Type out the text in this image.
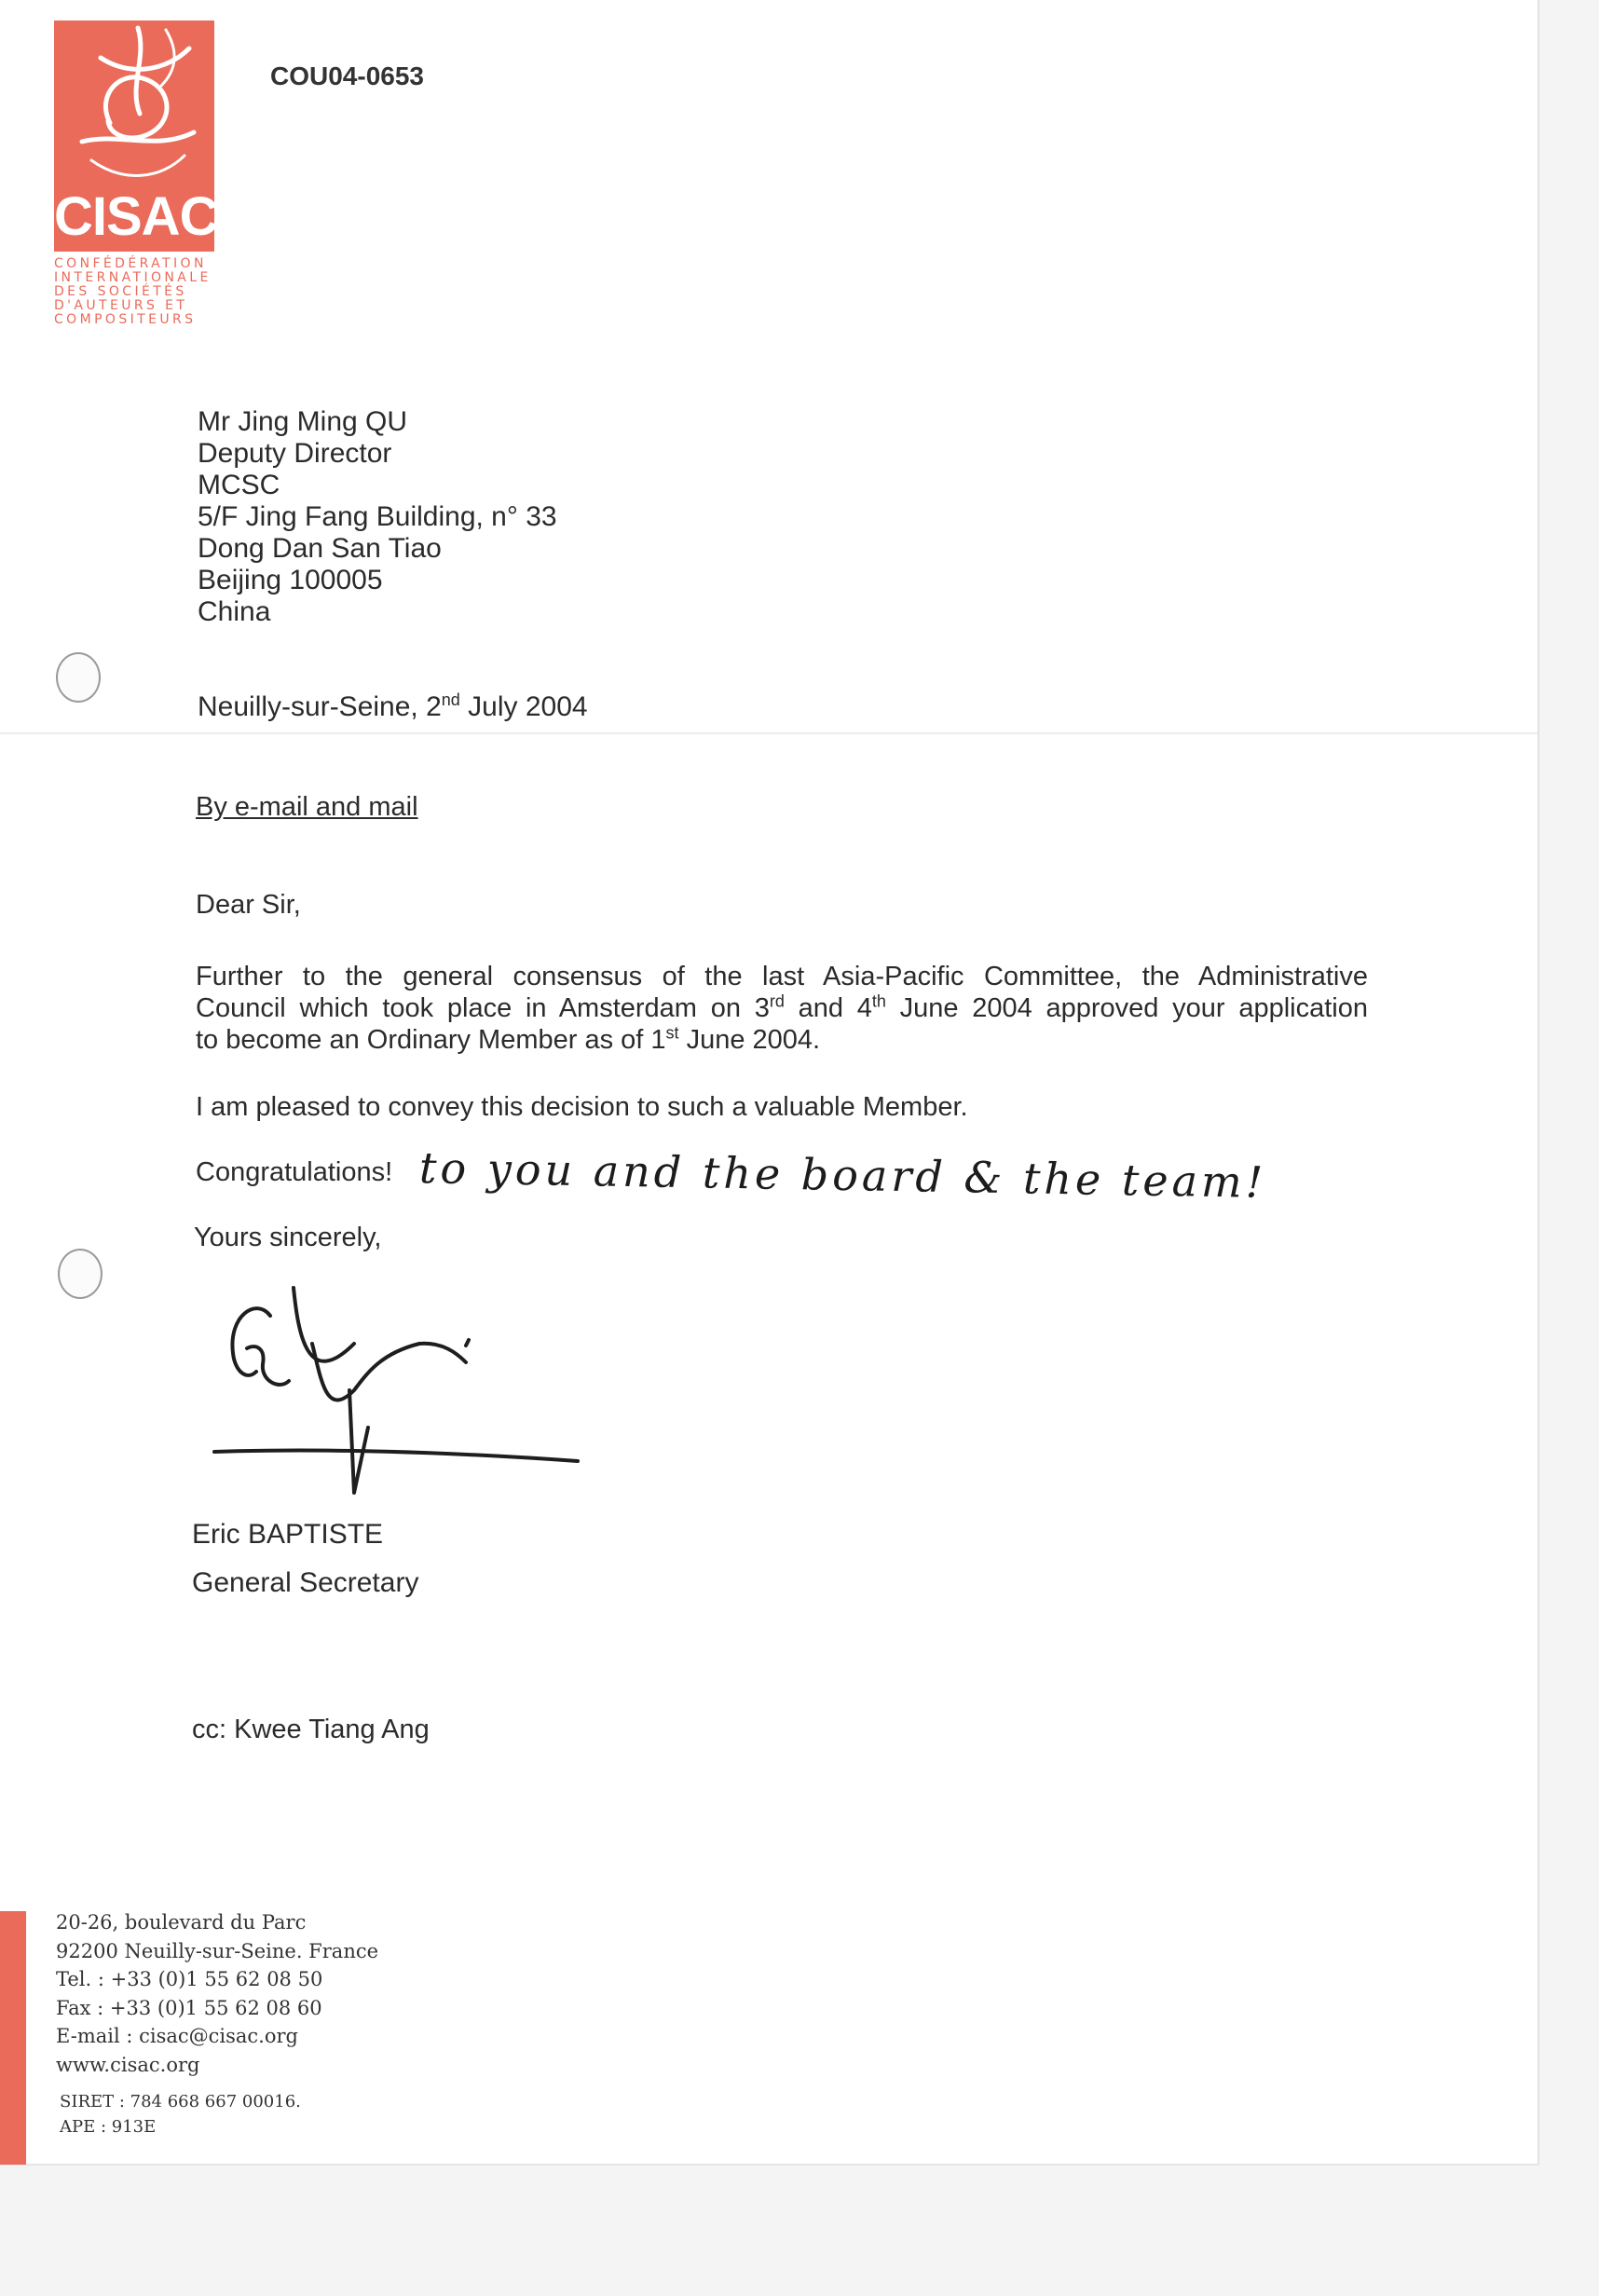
CISAC
CONFÉDÉRATION
INTERNATIONALE
DES SOCIÉTÉS
D'AUTEURS ET
COMPOSITEURS
COU04-0653
Mr Jing Ming QU
Deputy Director
MCSC
5/F Jing Fang Building, n° 33
Dong Dan San Tiao
Beijing 100005
China
Neuilly-sur-Seine, 2nd July 2004
By e-mail and mail
Dear Sir,
Further to the general consensus of the last Asia-Pacific Committee, the Administrative
Council which took place in Amsterdam on 3rd and 4th June 2004 approved your application
to become an Ordinary Member as of 1st June 2004.
I am pleased to convey this decision to such a valuable Member.
Congratulations! to you and the board & the team!
Yours sincerely,
Eric BAPTISTE
General Secretary
cc: Kwee Tiang Ang
20-26, boulevard du Parc
92200 Neuilly-sur-Seine. France
Tel. : +33 (0)1 55 62 08 50
Fax : +33 (0)1 55 62 08 60
E-mail : cisac@cisac.org
www.cisac.org
SIRET : 784 668 667 00016.
APE : 913E
